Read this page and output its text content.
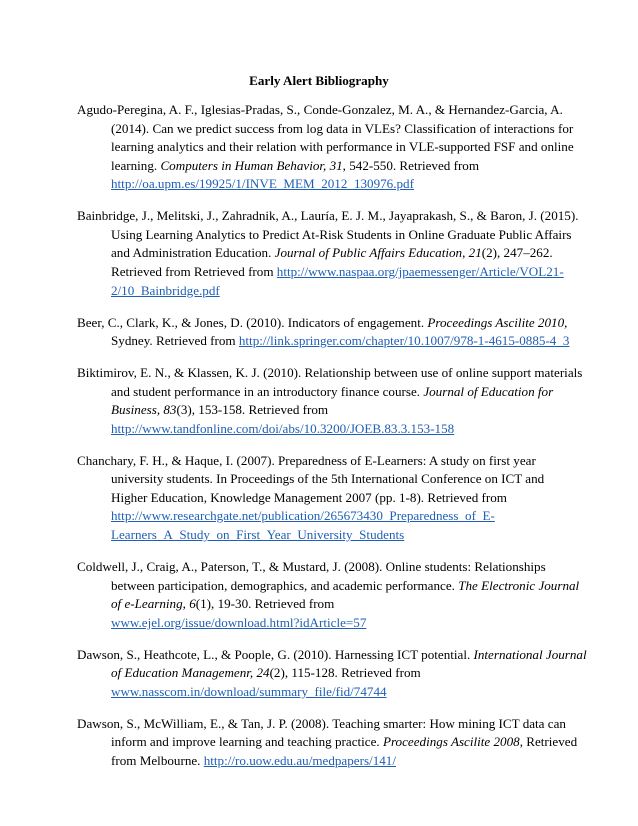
Early Alert Bibliography
Agudo-Peregina, A. F., Iglesias-Pradas, S., Conde-Gonzalez, M. A., & Hernandez-Garcia, A.
(2014). Can we predict success from log data in VLEs? Classification of interactions for
learning analytics and their relation with performance in VLE-supported FSF and online
learning. Computers in Human Behavior, 31, 542-550. Retrieved from
http://oa.upm.es/19925/1/INVE_MEM_2012_130976.pdf
Bainbridge, J., Melitski, J., Zahradnik, A., Lauría, E. J. M., Jayaprakash, S., & Baron, J. (2015).
Using Learning Analytics to Predict At-Risk Students in Online Graduate Public Affairs
and Administration Education. Journal of Public Affairs Education, 21(2), 247–262.
Retrieved from Retrieved from http://www.naspaa.org/jpaemessenger/Article/VOL21-
2/10_Bainbridge.pdf
Beer, C., Clark, K., & Jones, D. (2010). Indicators of engagement. Proceedings Ascilite 2010,
Sydney. Retrieved from http://link.springer.com/chapter/10.1007/978-1-4615-0885-4_3
Biktimirov, E. N., & Klassen, K. J. (2010). Relationship between use of online support materials
and student performance in an introductory finance course. Journal of Education for
Business, 83(3), 153-158. Retrieved from
http://www.tandfonline.com/doi/abs/10.3200/JOEB.83.3.153-158
Chanchary, F. H., & Haque, I. (2007). Preparedness of E-Learners: A study on first year
university students. In Proceedings of the 5th International Conference on ICT and
Higher Education, Knowledge Management 2007 (pp. 1-8). Retrieved from
http://www.researchgate.net/publication/265673430_Preparedness_of_E-
Learners_A_Study_on_First_Year_University_Students
Coldwell, J., Craig, A., Paterson, T., & Mustard, J. (2008). Online students: Relationships
between participation, demographics, and academic performance. The Electronic Journal
of e-Learning, 6(1), 19-30. Retrieved from
www.ejel.org/issue/download.html?idArticle=57
Dawson, S., Heathcote, L., & Poople, G. (2010). Harnessing ICT potential. International Journal
of Education Managemenr, 24(2), 115-128. Retrieved from
www.nasscom.in/download/summary_file/fid/74744
Dawson, S., McWilliam, E., & Tan, J. P. (2008). Teaching smarter: How mining ICT data can
inform and improve learning and teaching practice. Proceedings Ascilite 2008, Retrieved
from Melbourne. http://ro.uow.edu.au/medpapers/141/
